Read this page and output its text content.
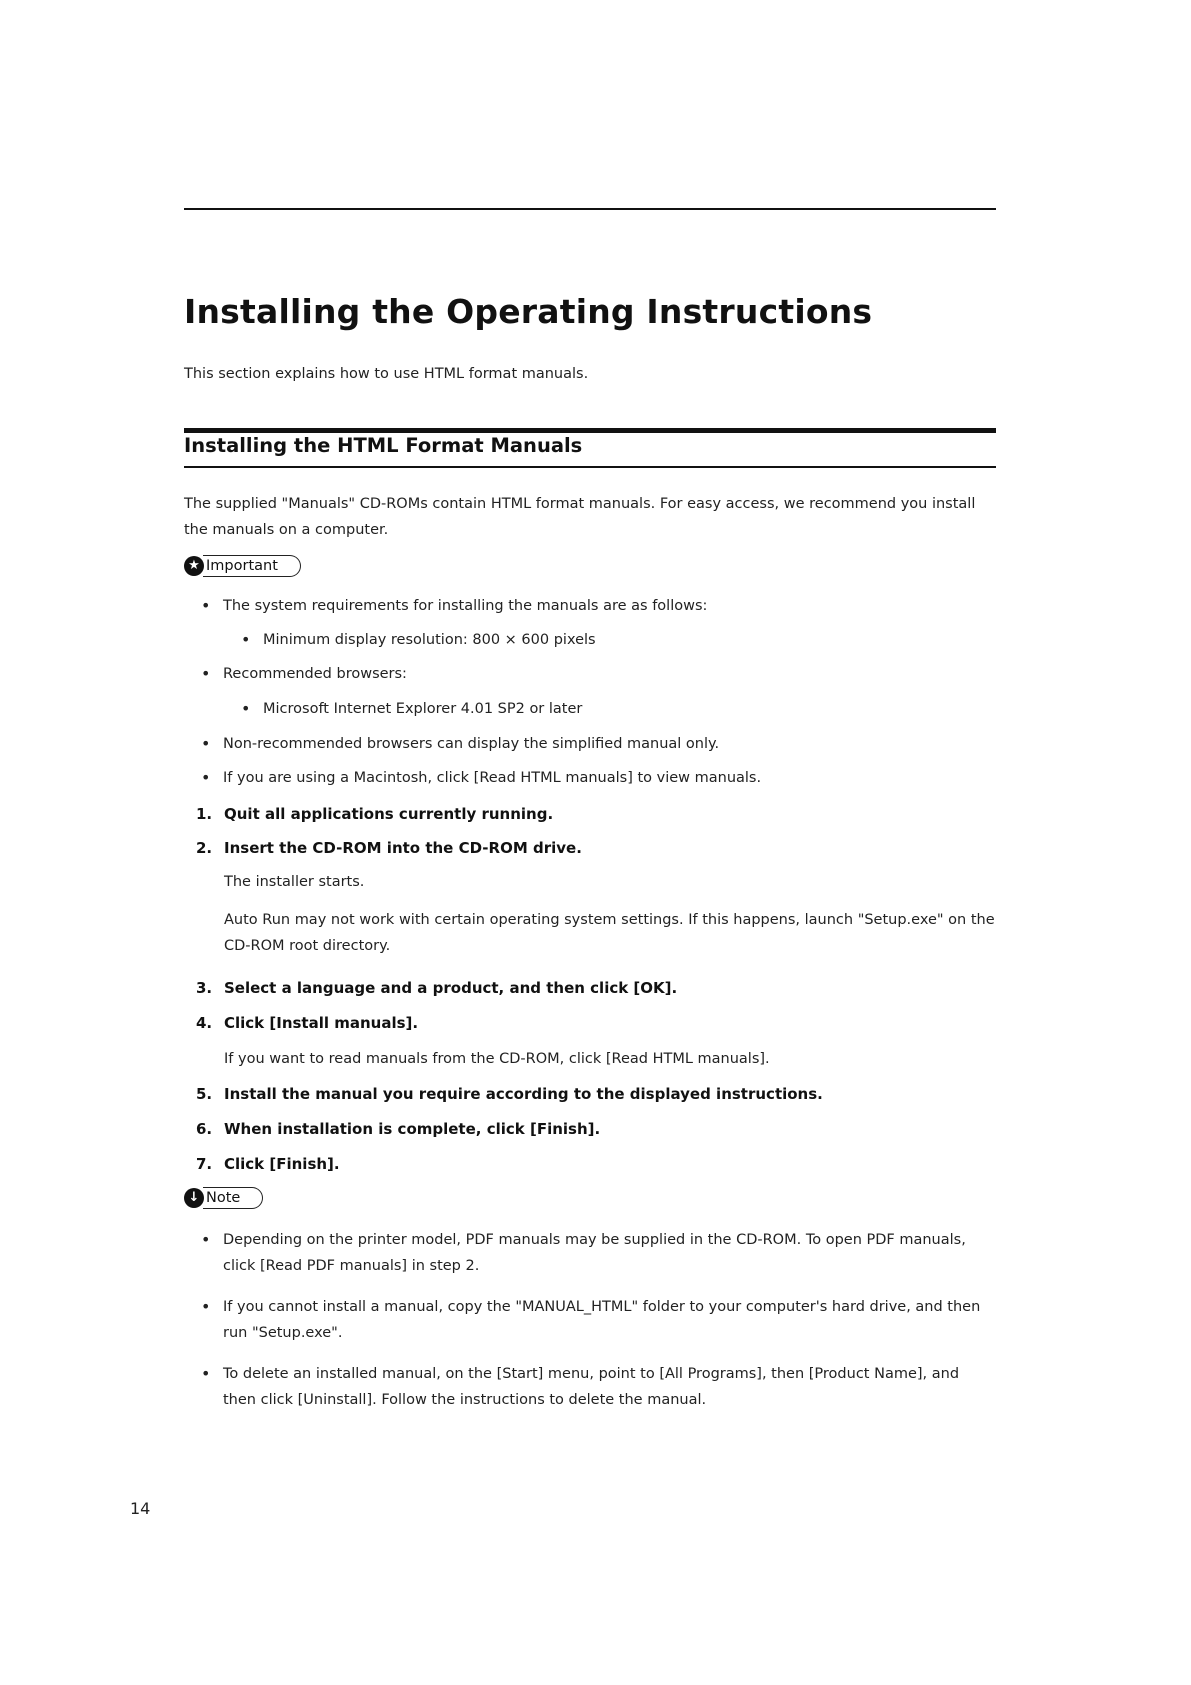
Installing the Operating Instructions
This section explains how to use HTML format manuals.
Installing the HTML Format Manuals
The supplied "Manuals" CD-ROMs contain HTML format manuals. For easy access, we recommend you install the manuals on a computer.
★ Important
• The system requirements for installing the manuals are as follows:
• Minimum display resolution: 800 × 600 pixels
• Recommended browsers:
• Microsoft Internet Explorer 4.01 SP2 or later
• Non-recommended browsers can display the simplified manual only.
• If you are using a Macintosh, click [Read HTML manuals] to view manuals.
1. Quit all applications currently running.
2. Insert the CD-ROM into the CD-ROM drive.
The installer starts.
Auto Run may not work with certain operating system settings. If this happens, launch "Setup.exe" on the CD-ROM root directory.
3. Select a language and a product, and then click [OK].
4. Click [Install manuals].
If you want to read manuals from the CD-ROM, click [Read HTML manuals].
5. Install the manual you require according to the displayed instructions.
6. When installation is complete, click [Finish].
7. Click [Finish].
↓ Note
• Depending on the printer model, PDF manuals may be supplied in the CD-ROM. To open PDF manuals, click [Read PDF manuals] in step 2.
• If you cannot install a manual, copy the "MANUAL_HTML" folder to your computer's hard drive, and then run "Setup.exe".
• To delete an installed manual, on the [Start] menu, point to [All Programs], then [Product Name], and then click [Uninstall]. Follow the instructions to delete the manual.
14
